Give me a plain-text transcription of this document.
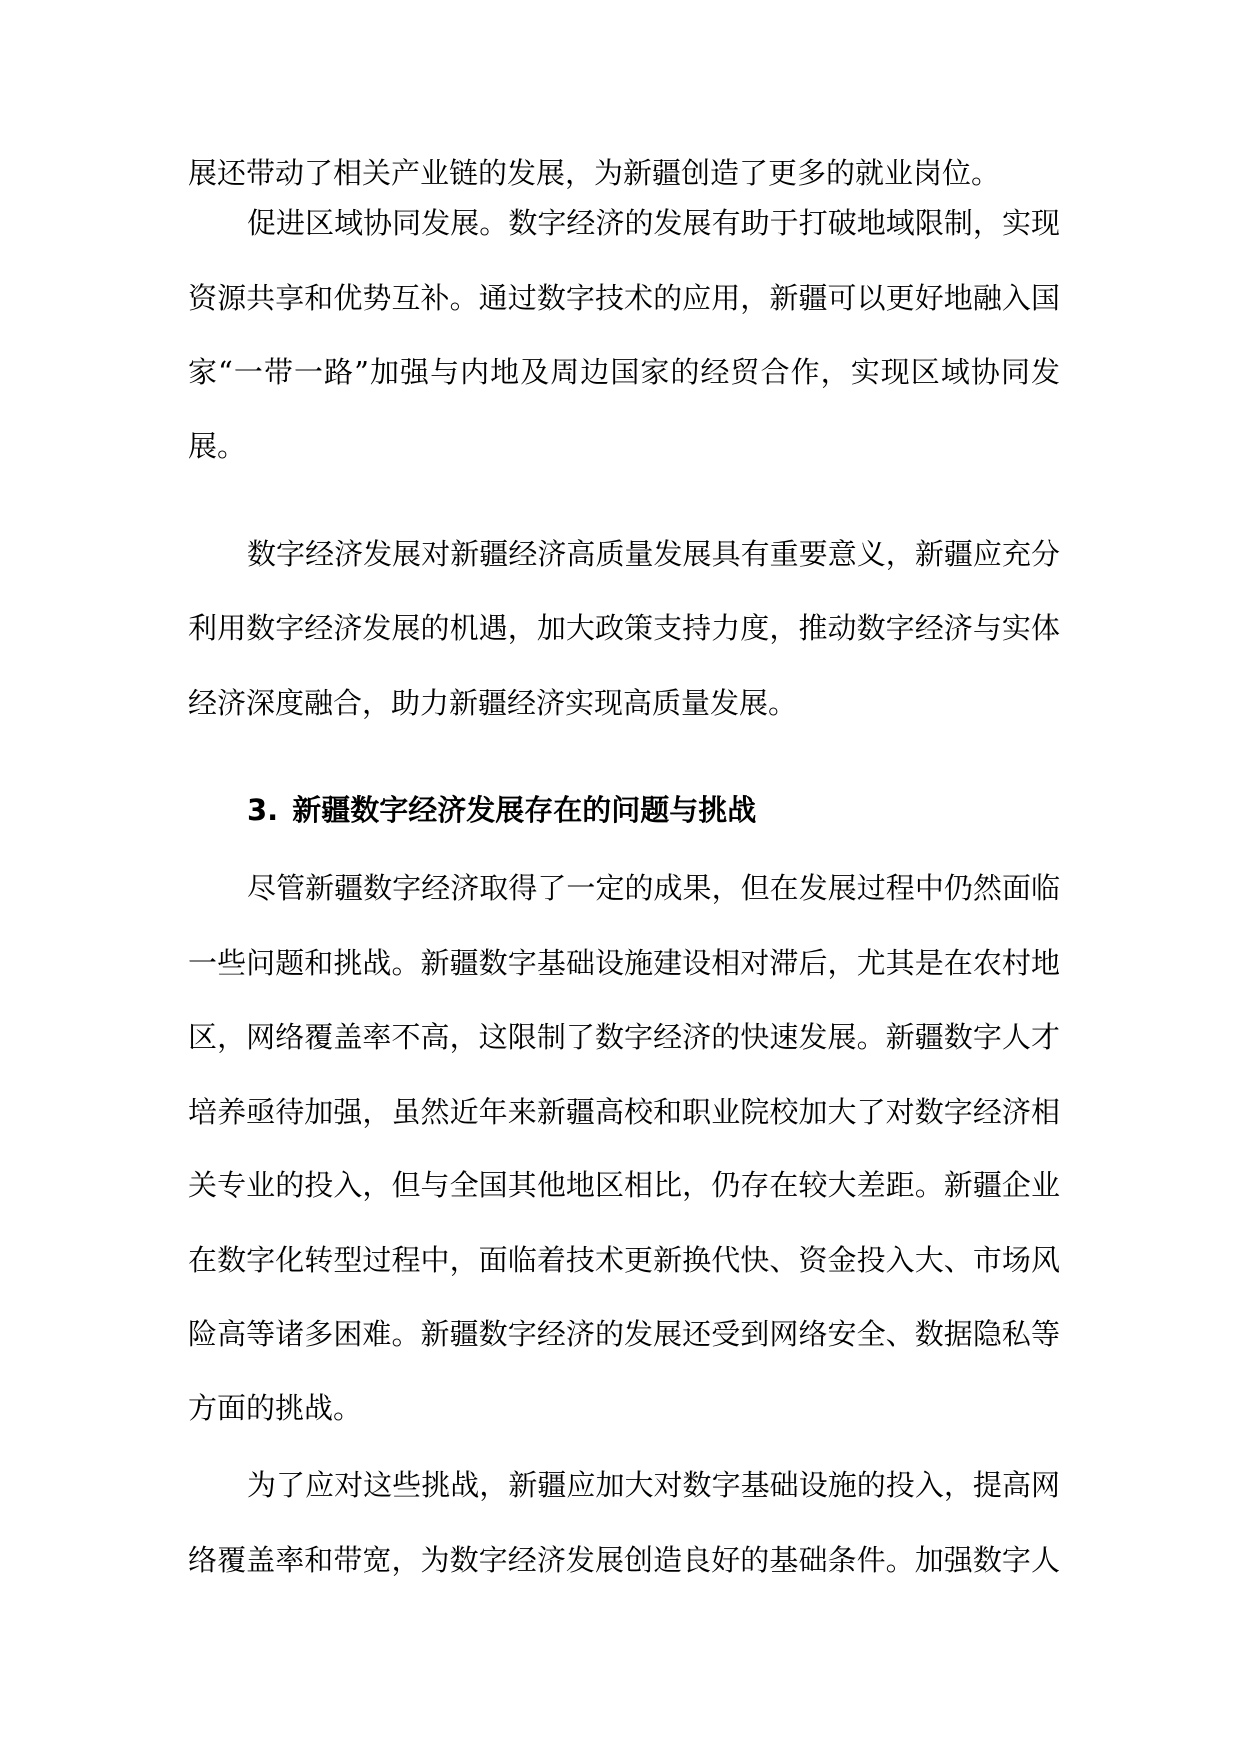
展还带动了相关产业链的发展，为新疆创造了更多的就业岗位。
促进区域协同发展。数字经济的发展有助于打破地域限制，实现
资源共享和优势互补。通过数字技术的应用，新疆可以更好地融入国
家“一带一路”加强与内地及周边国家的经贸合作，实现区域协同发
展。
数字经济发展对新疆经济高质量发展具有重要意义，新疆应充分
利用数字经济发展的机遇，加大政策支持力度，推动数字经济与实体
经济深度融合，助力新疆经济实现高质量发展。
3. 新疆数字经济发展存在的问题与挑战
尽管新疆数字经济取得了一定的成果，但在发展过程中仍然面临
一些问题和挑战。新疆数字基础设施建设相对滞后，尤其是在农村地
区，网络覆盖率不高，这限制了数字经济的快速发展。新疆数字人才
培养亟待加强，虽然近年来新疆高校和职业院校加大了对数字经济相
关专业的投入，但与全国其他地区相比，仍存在较大差距。新疆企业
在数字化转型过程中，面临着技术更新换代快、资金投入大、市场风
险高等诸多困难。新疆数字经济的发展还受到网络安全、数据隐私等
方面的挑战。
为了应对这些挑战，新疆应加大对数字基础设施的投入，提高网
络覆盖率和带宽，为数字经济发展创造良好的基础条件。加强数字人
